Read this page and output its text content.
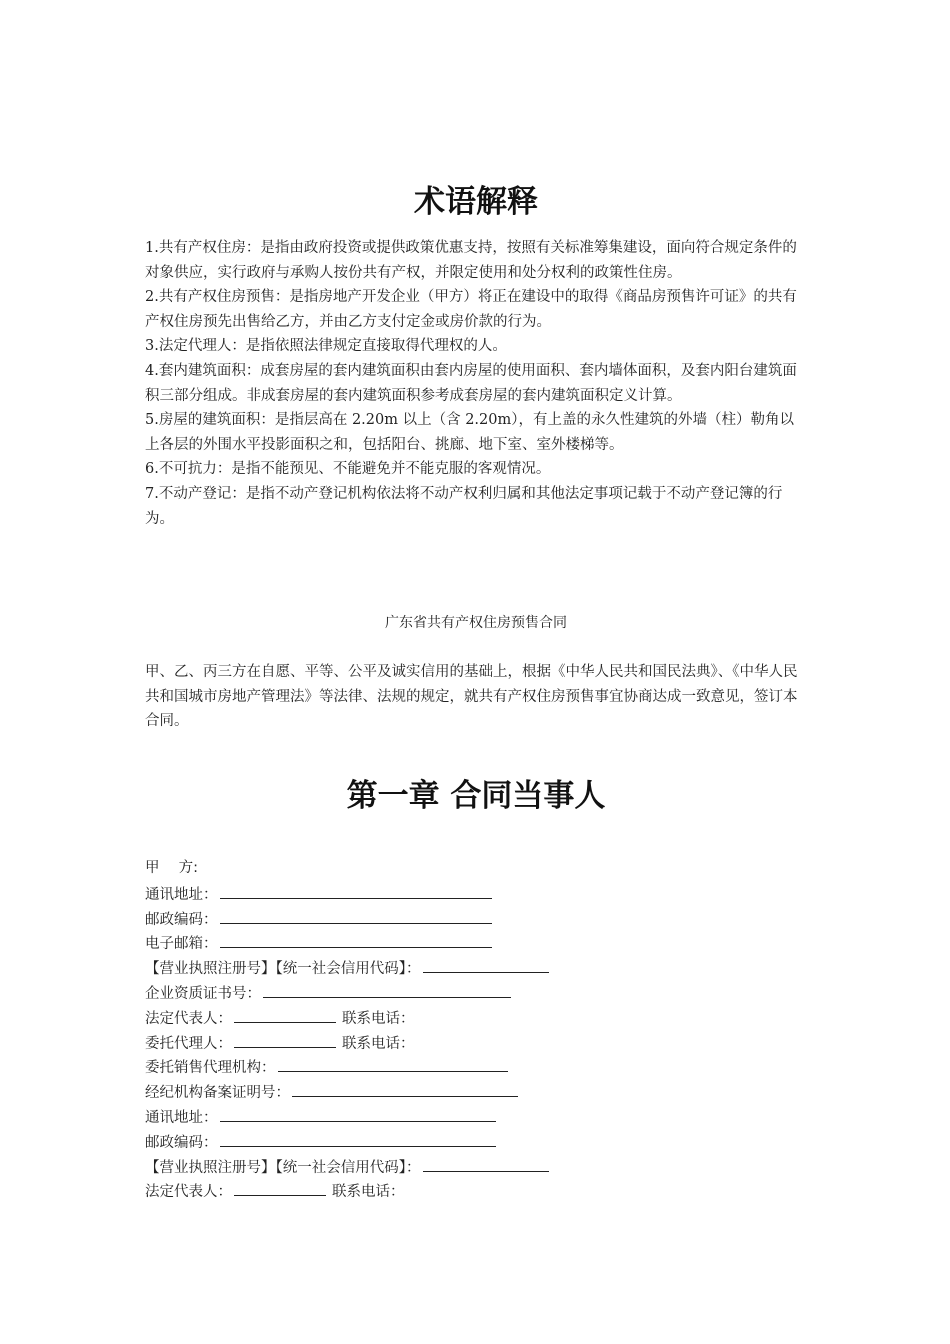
术语解释

1.共有产权住房：是指由政府投资或提供政策优惠支持，按照有关标准筹集建设，面向符合规定条件的对象供应，实行政府与承购人按份共有产权，并限定使用和处分权利的政策性住房。

2.共有产权住房预售：是指房地产开发企业（甲方）将正在建设中的取得《商品房预售许可证》的共有产权住房预先出售给乙方，并由乙方支付定金或房价款的行为。

3.法定代理人：是指依照法律规定直接取得代理权的人。

4.套内建筑面积：成套房屋的套内建筑面积由套内房屋的使用面积、套内墙体面积，及套内阳台建筑面积三部分组成。非成套房屋的套内建筑面积参考成套房屋的套内建筑面积定义计算。

5.房屋的建筑面积：是指层高在 2.20m 以上（含 2.20m），有上盖的永久性建筑的外墙（柱）勒角以上各层的外围水平投影面积之和，包括阳台、挑廊、地下室、室外楼梯等。

6.不可抗力：是指不能预见、不能避免并不能克服的客观情况。

7.不动产登记：是指不动产登记机构依法将不动产权利归属和其他法定事项记载于不动产登记簿的行为。

广东省共有产权住房预售合同

甲、乙、丙三方在自愿、平等、公平及诚实信用的基础上，根据《中华人民共和国民法典》、《中华人民共和国城市房地产管理法》等法律、法规的规定，就共有产权住房预售事宜协商达成一致意见，签订本合同。

第一章 合同当事人
甲　 方:
通讯地址：
邮政编码：
电子邮箱：
【营业执照注册号】【统一社会信用代码】：
企业资质证书号：
法定代表人：	联系电话：
委托代理人：	联系电话：
委托销售代理机构：
经纪机构备案证明号：
通讯地址：
邮政编码：
【营业执照注册号】【统一社会信用代码】：
法定代表人：	联系电话：
